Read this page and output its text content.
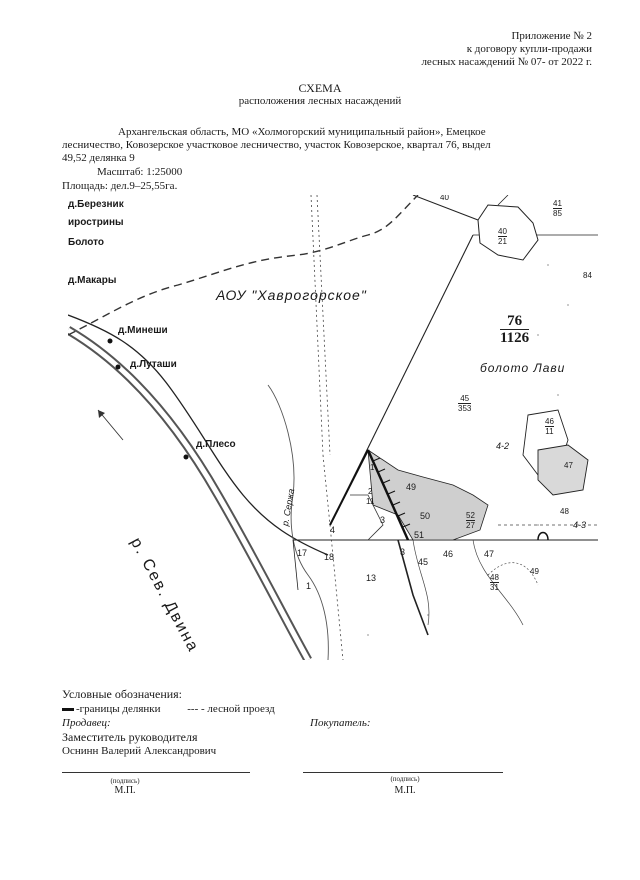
Приложение № 2
к договору купли-продажи
лесных насаждений № 07- от 2022 г.
СХЕМА
расположения лесных насаждений
Архангельская область, МО «Холмогорский муниципальный район», Емецкое
лесничество, Ковозерское участковое лесничество, участок Ковозерское, квартал 76, выдел
49,52 делянка 9
Масштаб: 1:25000
Площадь: дел.9–25,55га.
д.Березник
ирострины
Болото
д.Макары
д.Минеши
д.Луташи
д.Плесо
АОУ "Хаврогорское"
р. Сев. Двина
р. Сержа
болото Лави
$\frac{76}{1126}$
$\frac{45}{353}$
$\frac{40}{21}$
$\frac{46}{11}$
$\frac{52}{27}$
$\frac{48}{31}$
$\frac{41}{85}$
40
1
2
11
3
49
50
51
4
3
45
46	47
17 18
1
13
49
48
47
4-2
4-3
84
Условные обозначения:
-границы делянки --- - лесной проезд
Продавец:	Покупатель:
Заместитель руководителя
Оснинн Валерий Александрович
(подпись)	(подпись)
М.П.	М.П.
